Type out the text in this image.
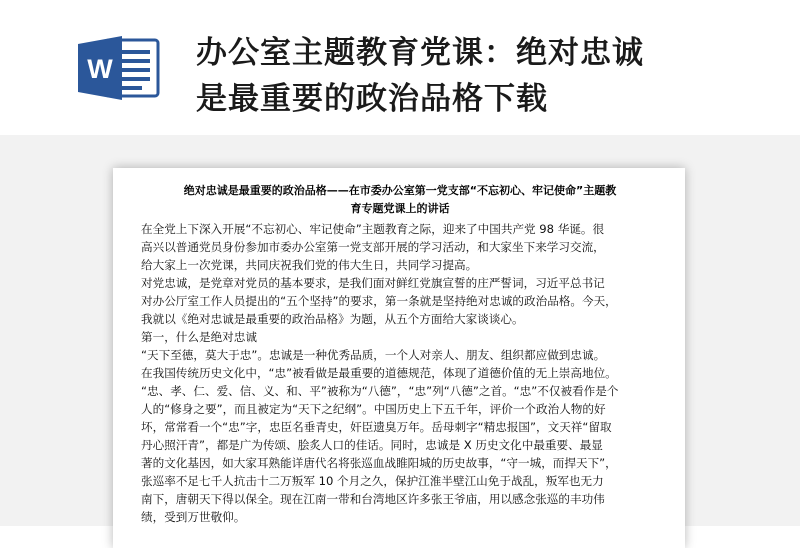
W	办公室主题教育党课：绝对忠诚
是最重要的政治品格下载
绝对忠诚是最重要的政治品格——在市委办公室第一党支部“不忘初心、牢记使命”主题教
育专题党课上的讲话
在全党上下深入开展“不忘初心、牢记使命”主题教育之际，迎来了中国共产党 98 华诞。很
高兴以普通党员身份参加市委办公室第一党支部开展的学习活动，和大家坐下来学习交流，
给大家上一次党课，共同庆祝我们党的伟大生日，共同学习提高。
对党忠诚，是党章对党员的基本要求，是我们面对鲜红党旗宣誓的庄严誓词，习近平总书记
对办公厅室工作人员提出的“五个坚持”的要求，第一条就是坚持绝对忠诚的政治品格。今天，
我就以《绝对忠诚是最重要的政治品格》为题，从五个方面给大家谈谈心。
第一，什么是绝对忠诚
“天下至德，莫大于忠”。忠诚是一种优秀品质，一个人对亲人、朋友、组织都应做到忠诚。
在我国传统历史文化中，“忠”被看做是最重要的道德规范，体现了道德价值的无上崇高地位。
“忠、孝、仁、爱、信、义、和、平”被称为“八德”，“忠”列“八德”之首。“忠”不仅被看作是个
人的“修身之要”，而且被定为“天下之纪纲”。中国历史上下五千年，评价一个政治人物的好
坏，常常看一个“忠”字，忠臣名垂青史，奸臣遗臭万年。岳母刺字“精忠报国”，文天祥“留取
丹心照汗青”，都是广为传颂、脍炙人口的佳话。同时，忠诚是 X 历史文化中最重要、最显
著的文化基因，如大家耳熟能详唐代名将张巡血战睢阳城的历史故事，“守一城，而捍天下”，
张巡率不足七千人抗击十二万叛军 10 个月之久，保护江淮半壁江山免于战乱，叛军也无力
南下，唐朝天下得以保全。现在江南一带和台湾地区许多张王爷庙，用以感念张巡的丰功伟
绩，受到万世敬仰。
